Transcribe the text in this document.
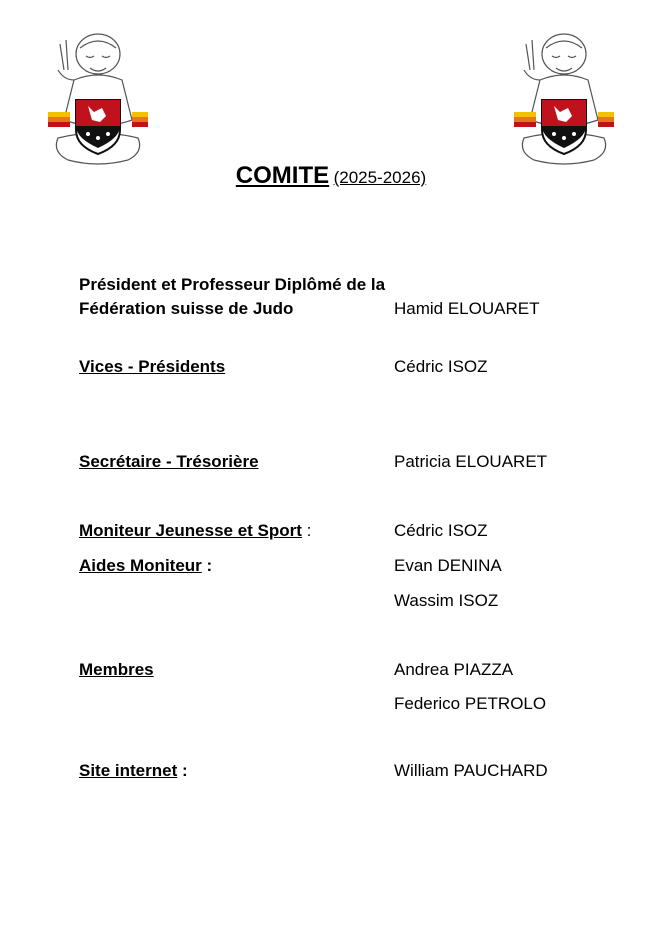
COMITE (2025-2026)
Président et Professeur Diplômé de la
Fédération suisse de Judo	Hamid ELOUARET
Vices - Présidents	Cédric ISOZ
Secrétaire - Trésorière	Patricia ELOUARET
Moniteur Jeunesse et Sport :	Cédric ISOZ
Aides Moniteur :	Evan DENINA
Wassim ISOZ
Membres	Andrea PIAZZA
Federico PETROLO
Site internet :	William PAUCHARD
